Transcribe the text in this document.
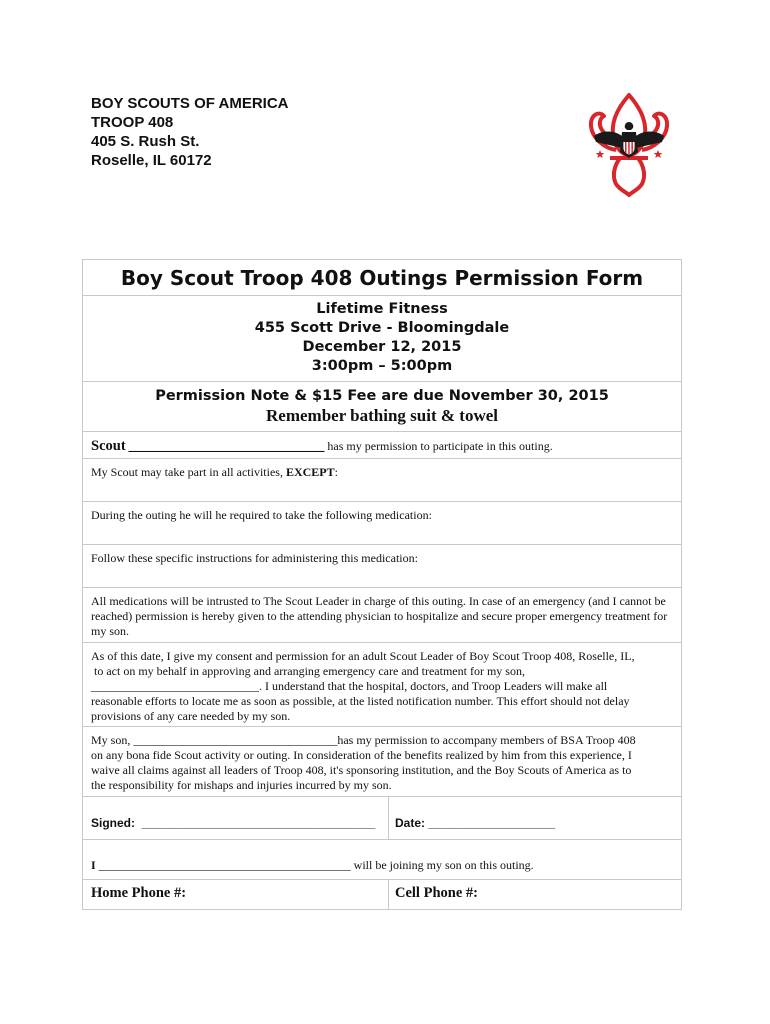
BOY SCOUTS OF AMERICA
TROOP 408
405 S. Rush St.
Roselle, IL 60172
Boy Scout Troop 408 Outings Permission Form
Lifetime Fitness
455 Scott Drive - Bloomingdale
December 12, 2015
3:00pm – 5:00pm
Permission Note & $15 Fee are due November 30, 2015
Remember bathing suit & towel
Scout ___________________________ has my permission to participate in this outing.
My Scout may take part in all activities, EXCEPT:
During the outing he will he required to take the following medication:
Follow these specific instructions for administering this medication:
All medications will be intrusted to The Scout Leader in charge of this outing. In case of an emergency (and I cannot be reached) permission is hereby given to the attending physician to hospitalize and secure proper emergency treatment for my son.
As of this date, I give my consent and permission for an adult Scout Leader of Boy Scout Troop 408, Roselle, IL,
to act on my behalf in approving and arranging emergency care and treatment for my son,
____________________________. I understand that the hospital, doctors, and Troop Leaders will make all
reasonable efforts to locate me as soon as possible, at the listed notification number. This effort should not delay
provisions of any care needed by my son.
My son, __________________________________has my permission to accompany members of BSA Troop 408
on any bona fide Scout activity or outing. In consideration of the benefits realized by him from this experience, I
waive all claims against all leaders of Troop 408, it's sponsoring institution, and the Boy Scouts of America as to
the responsibility for mishaps and injuries incurred by my son.
Signed: ___________________________________	Date: ___________________
I __________________________________________ will be joining my son on this outing.
Home Phone #:	Cell Phone #:
